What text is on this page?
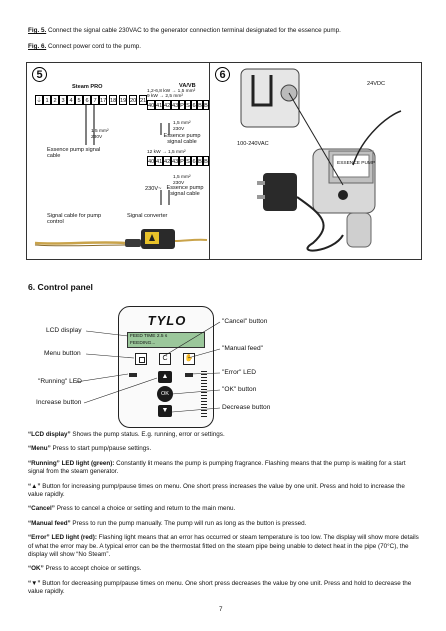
Fig. 5. Connect the signal cable 230VAC to the generator connection terminal designated for the essence pump.
Fig. 6. Connect power cord to the pump.
5
Steam PRO
⏚ 1 2 3 4 5 6 7 17 18 19 20 21
1,5 mm²
230V
Essence pump signal cable
VA/VB
1,2-6,8 kW → 1,5 mm²
9 kW → 2,5 mm²
40 41 42 43 P S 6 B B
1,5 mm²
230V
Essence pump signal cable
12 kW → 1,5 mm²
40 41 42 43 P S 6 B B
1,5 mm²
230V
230V~ Essence pump signal cable
Signal cable for pump control
Signal converter
6
24VDC
100-240VAC
ESSENCE PUMP
6. Control panel
TYLO
FEED TIME 2.5 s
FEEDING...
C	✋
▲
OK
▼
LCD display
Menu button
"Running" LED
Increase button
"Cancel" button
"Manual feed"
"Error" LED
"OK" button
Decrease button

“LCD display” Shows the pump status. E.g. running, error or settings.

“Menu” Press to start pump/pause settings.

“Running” LED light (green): Constantly lit means the pump is pumping fragrance. Flashing means that the pump is waiting for a start signal from the steam generator.

“▲” Button for increasing pump/pause times on menu. One short press increases the value by one unit. Press and hold to increase the value rapidly.

“Cancel” Press to cancel a choice or setting and return to the main menu.

“Manual feed” Press to run the pump manually. The pump will run as long as the button is pressed.

“Error” LED light (red): Flashing light means that an error has occurred or steam temperature is too low. The display will show more details of what the error may be. A typical error can be the thermostat fitted on the steam pipe being unable to detect heat in the pipe (70°C), the display will show “No Steam”.

“OK” Press to accept choice or settings.

“▼” Button for decreasing pump/pause times on menu. One short press decreases the value by one unit. Press and hold to decrease the value rapidly.

7
